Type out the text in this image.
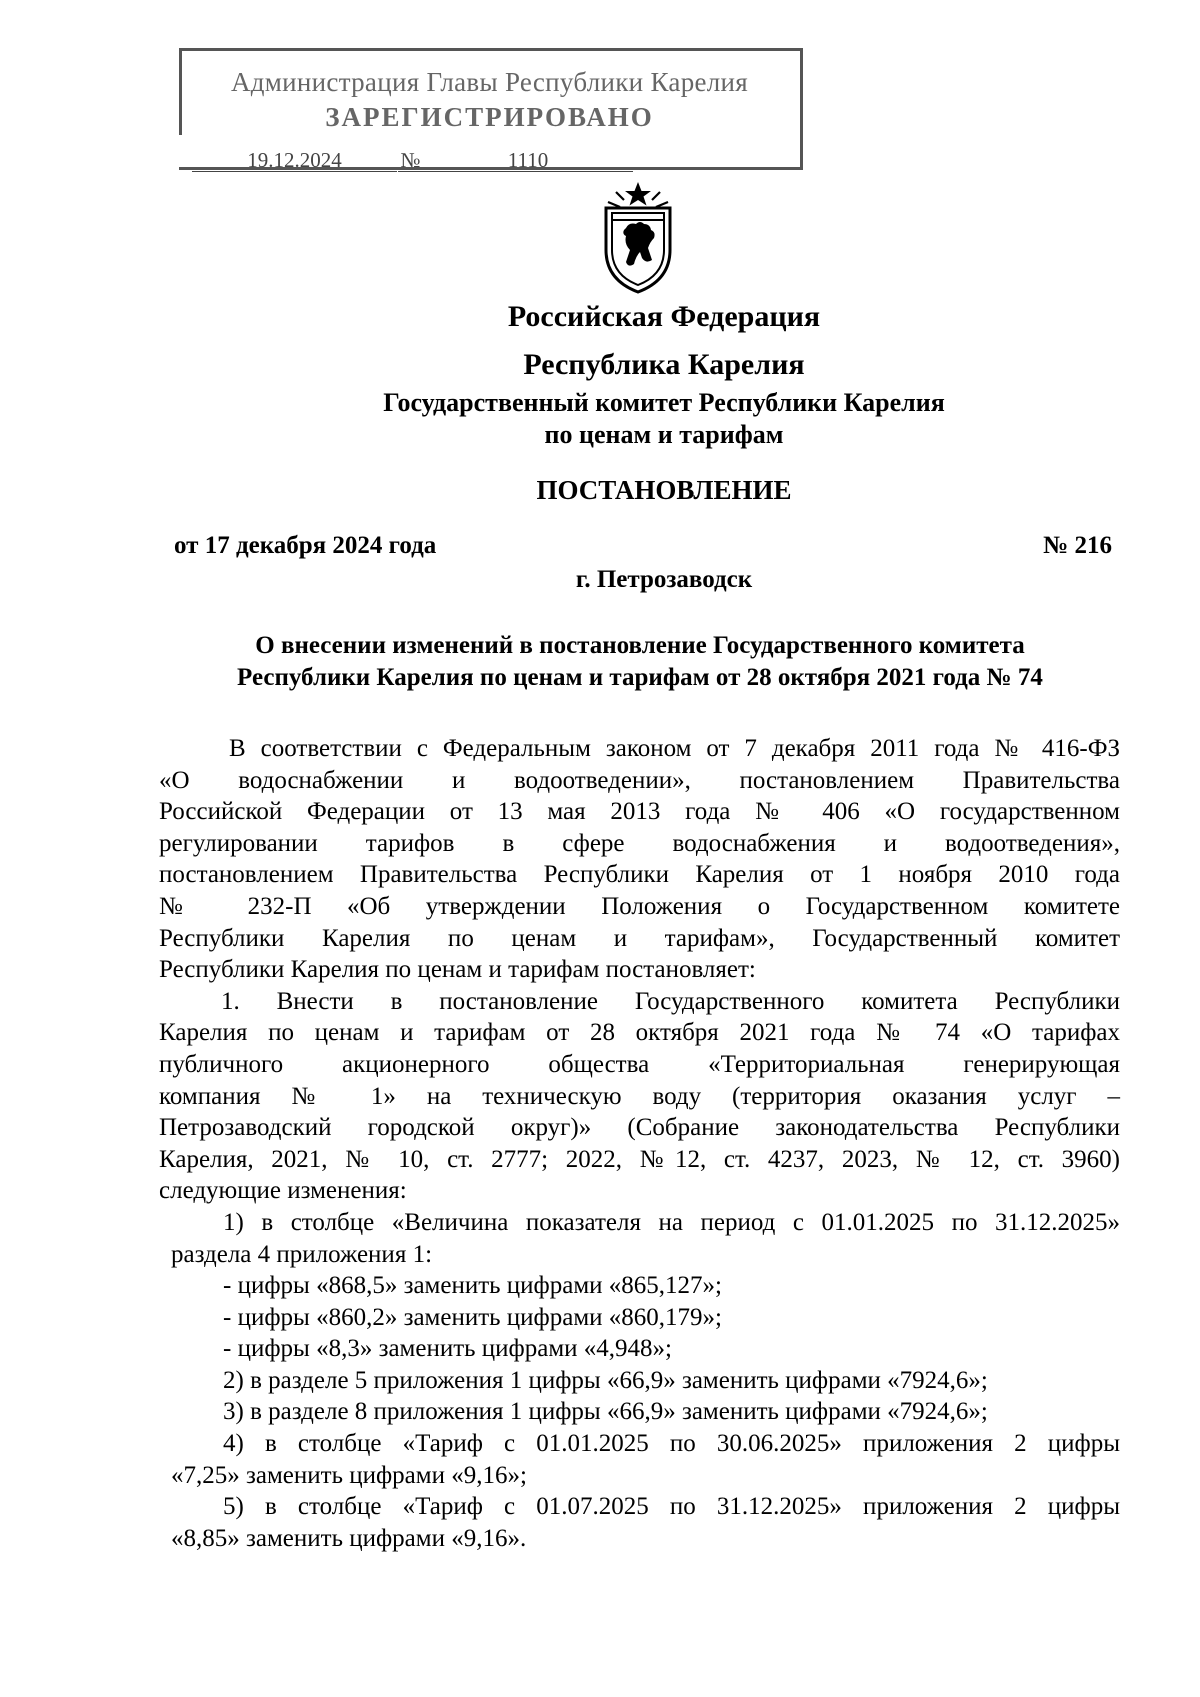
Администрация Главы Республики Карелия
ЗАРЕГИСТРИРОВАНО
19.12.2024	№	1110
Российская Федерация
Республика Карелия
Государственный комитет Республики Карелия
по ценам и тарифам
ПОСТАНОВЛЕНИЕ
от 17 декабря 2024 года	№ 216
г. Петрозаводск
О внесении изменений в постановление Государственного комитета
Республики Карелия по ценам и тарифам от 28 октября 2021 года № 74

В соответствии с Федеральным законом от 7 декабря 2011 года № 416-ФЗ
«О водоснабжении и водоотведении», постановлением Правительства
Российской Федерации от 13 мая 2013 года № 406 «О государственном
регулировании тарифов в сфере водоснабжения и водоотведения»,
постановлением Правительства Республики Карелия от 1 ноября 2010 года
№ 232-П «Об утверждении Положения о Государственном комитете
Республики Карелия по ценам и тарифам», Государственный комитет
Республики Карелия по ценам и тарифам постановляет:

1. Внести в постановление Государственного комитета Республики
Карелия по ценам и тарифам от 28 октября 2021 года № 74 «О тарифах
публичного акционерного общества «Территориальная генерирующая
компания № 1» на техническую воду (территория оказания услуг –
Петрозаводский городской округ)» (Собрание законодательства Республики
Карелия, 2021, № 10, ст. 2777; 2022, №12, ст. 4237, 2023, № 12, ст. 3960)
следующие изменения:

1) в столбце «Величина показателя на период с 01.01.2025 по 31.12.2025»
раздела 4 приложения 1:

- цифры «868,5» заменить цифрами «865,127»;
- цифры «860,2» заменить цифрами «860,179»;
- цифры «8,3» заменить цифрами «4,948»;

2) в разделе 5 приложения 1 цифры «66,9» заменить цифрами «7924,6»;

3) в разделе 8 приложения 1 цифры «66,9» заменить цифрами «7924,6»;

4) в столбце «Тариф с 01.01.2025 по 30.06.2025» приложения 2 цифры
«7,25» заменить цифрами «9,16»;

5) в столбце «Тариф с 01.07.2025 по 31.12.2025» приложения 2 цифры
«8,85» заменить цифрами «9,16».
